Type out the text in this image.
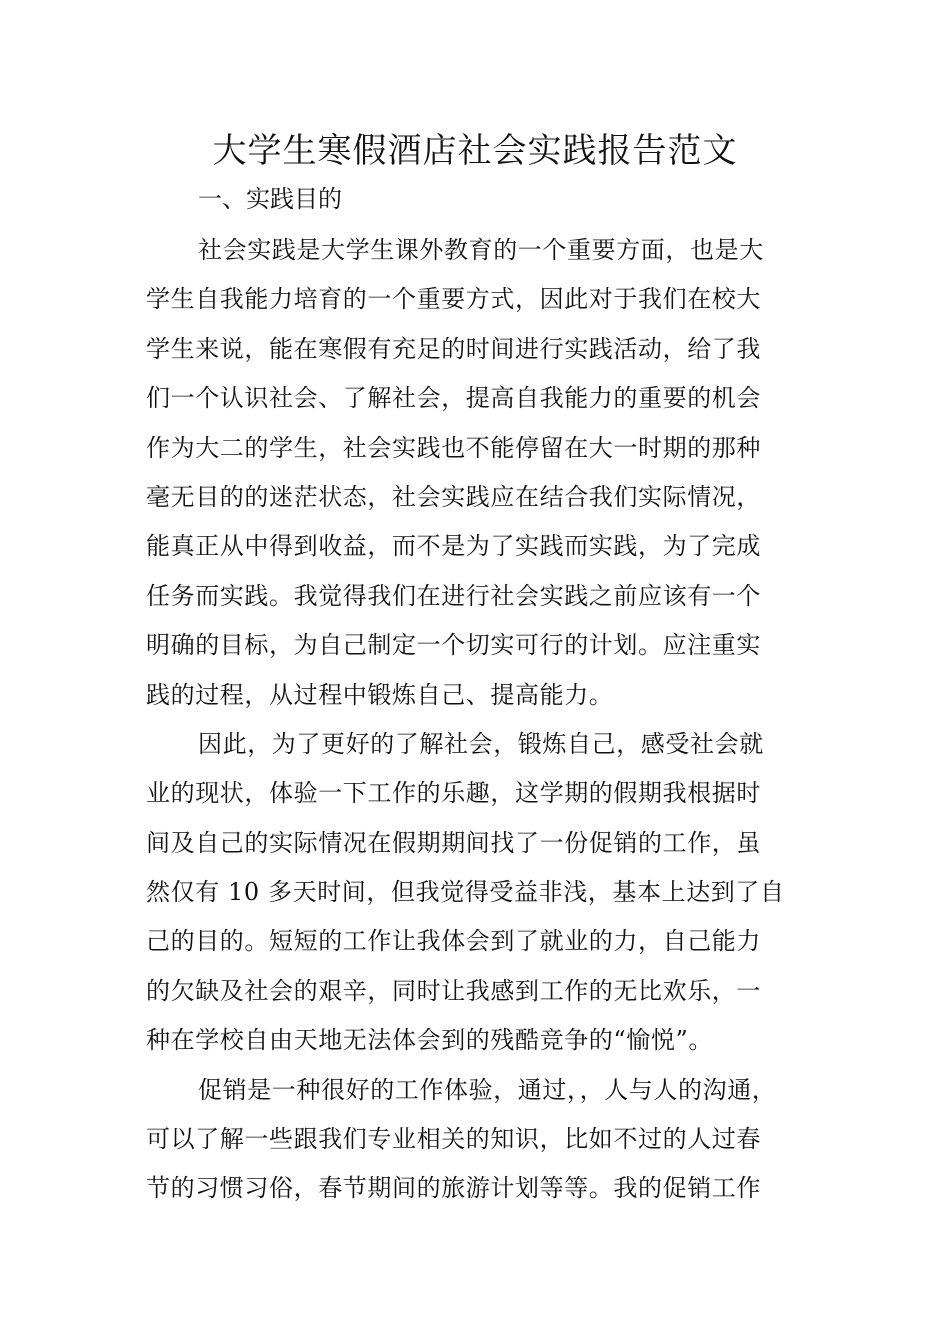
大学生寒假酒店社会实践报告范文
一、实践目的
社会实践是大学生课外教育的一个重要方面，也是大
学生自我能力培育的一个重要方式，因此对于我们在校大
学生来说，能在寒假有充足的时间进行实践活动，给了我
们一个认识社会、了解社会，提高自我能力的重要的机会
作为大二的学生，社会实践也不能停留在大一时期的那种
毫无目的的迷茫状态，社会实践应在结合我们实际情况，
能真正从中得到收益，而不是为了实践而实践，为了完成
任务而实践。我觉得我们在进行社会实践之前应该有一个
明确的目标，为自己制定一个切实可行的计划。应注重实
践的过程，从过程中锻炼自己、提高能力。
因此，为了更好的了解社会，锻炼自己，感受社会就
业的现状，体验一下工作的乐趣，这学期的假期我根据时
间及自己的实际情况在假期期间找了一份促销的工作，虽
然仅有 10 多天时间，但我觉得受益非浅，基本上达到了自
己的目的。短短的工作让我体会到了就业的力，自己能力
的欠缺及社会的艰辛，同时让我感到工作的无比欢乐，一
种在学校自由天地无法体会到的残酷竞争的“愉悦”。
促销是一种很好的工作体验，通过，，人与人的沟通，
可以了解一些跟我们专业相关的知识，比如不过的人过春
节的习惯习俗，春节期间的旅游计划等等。我的促销工作
